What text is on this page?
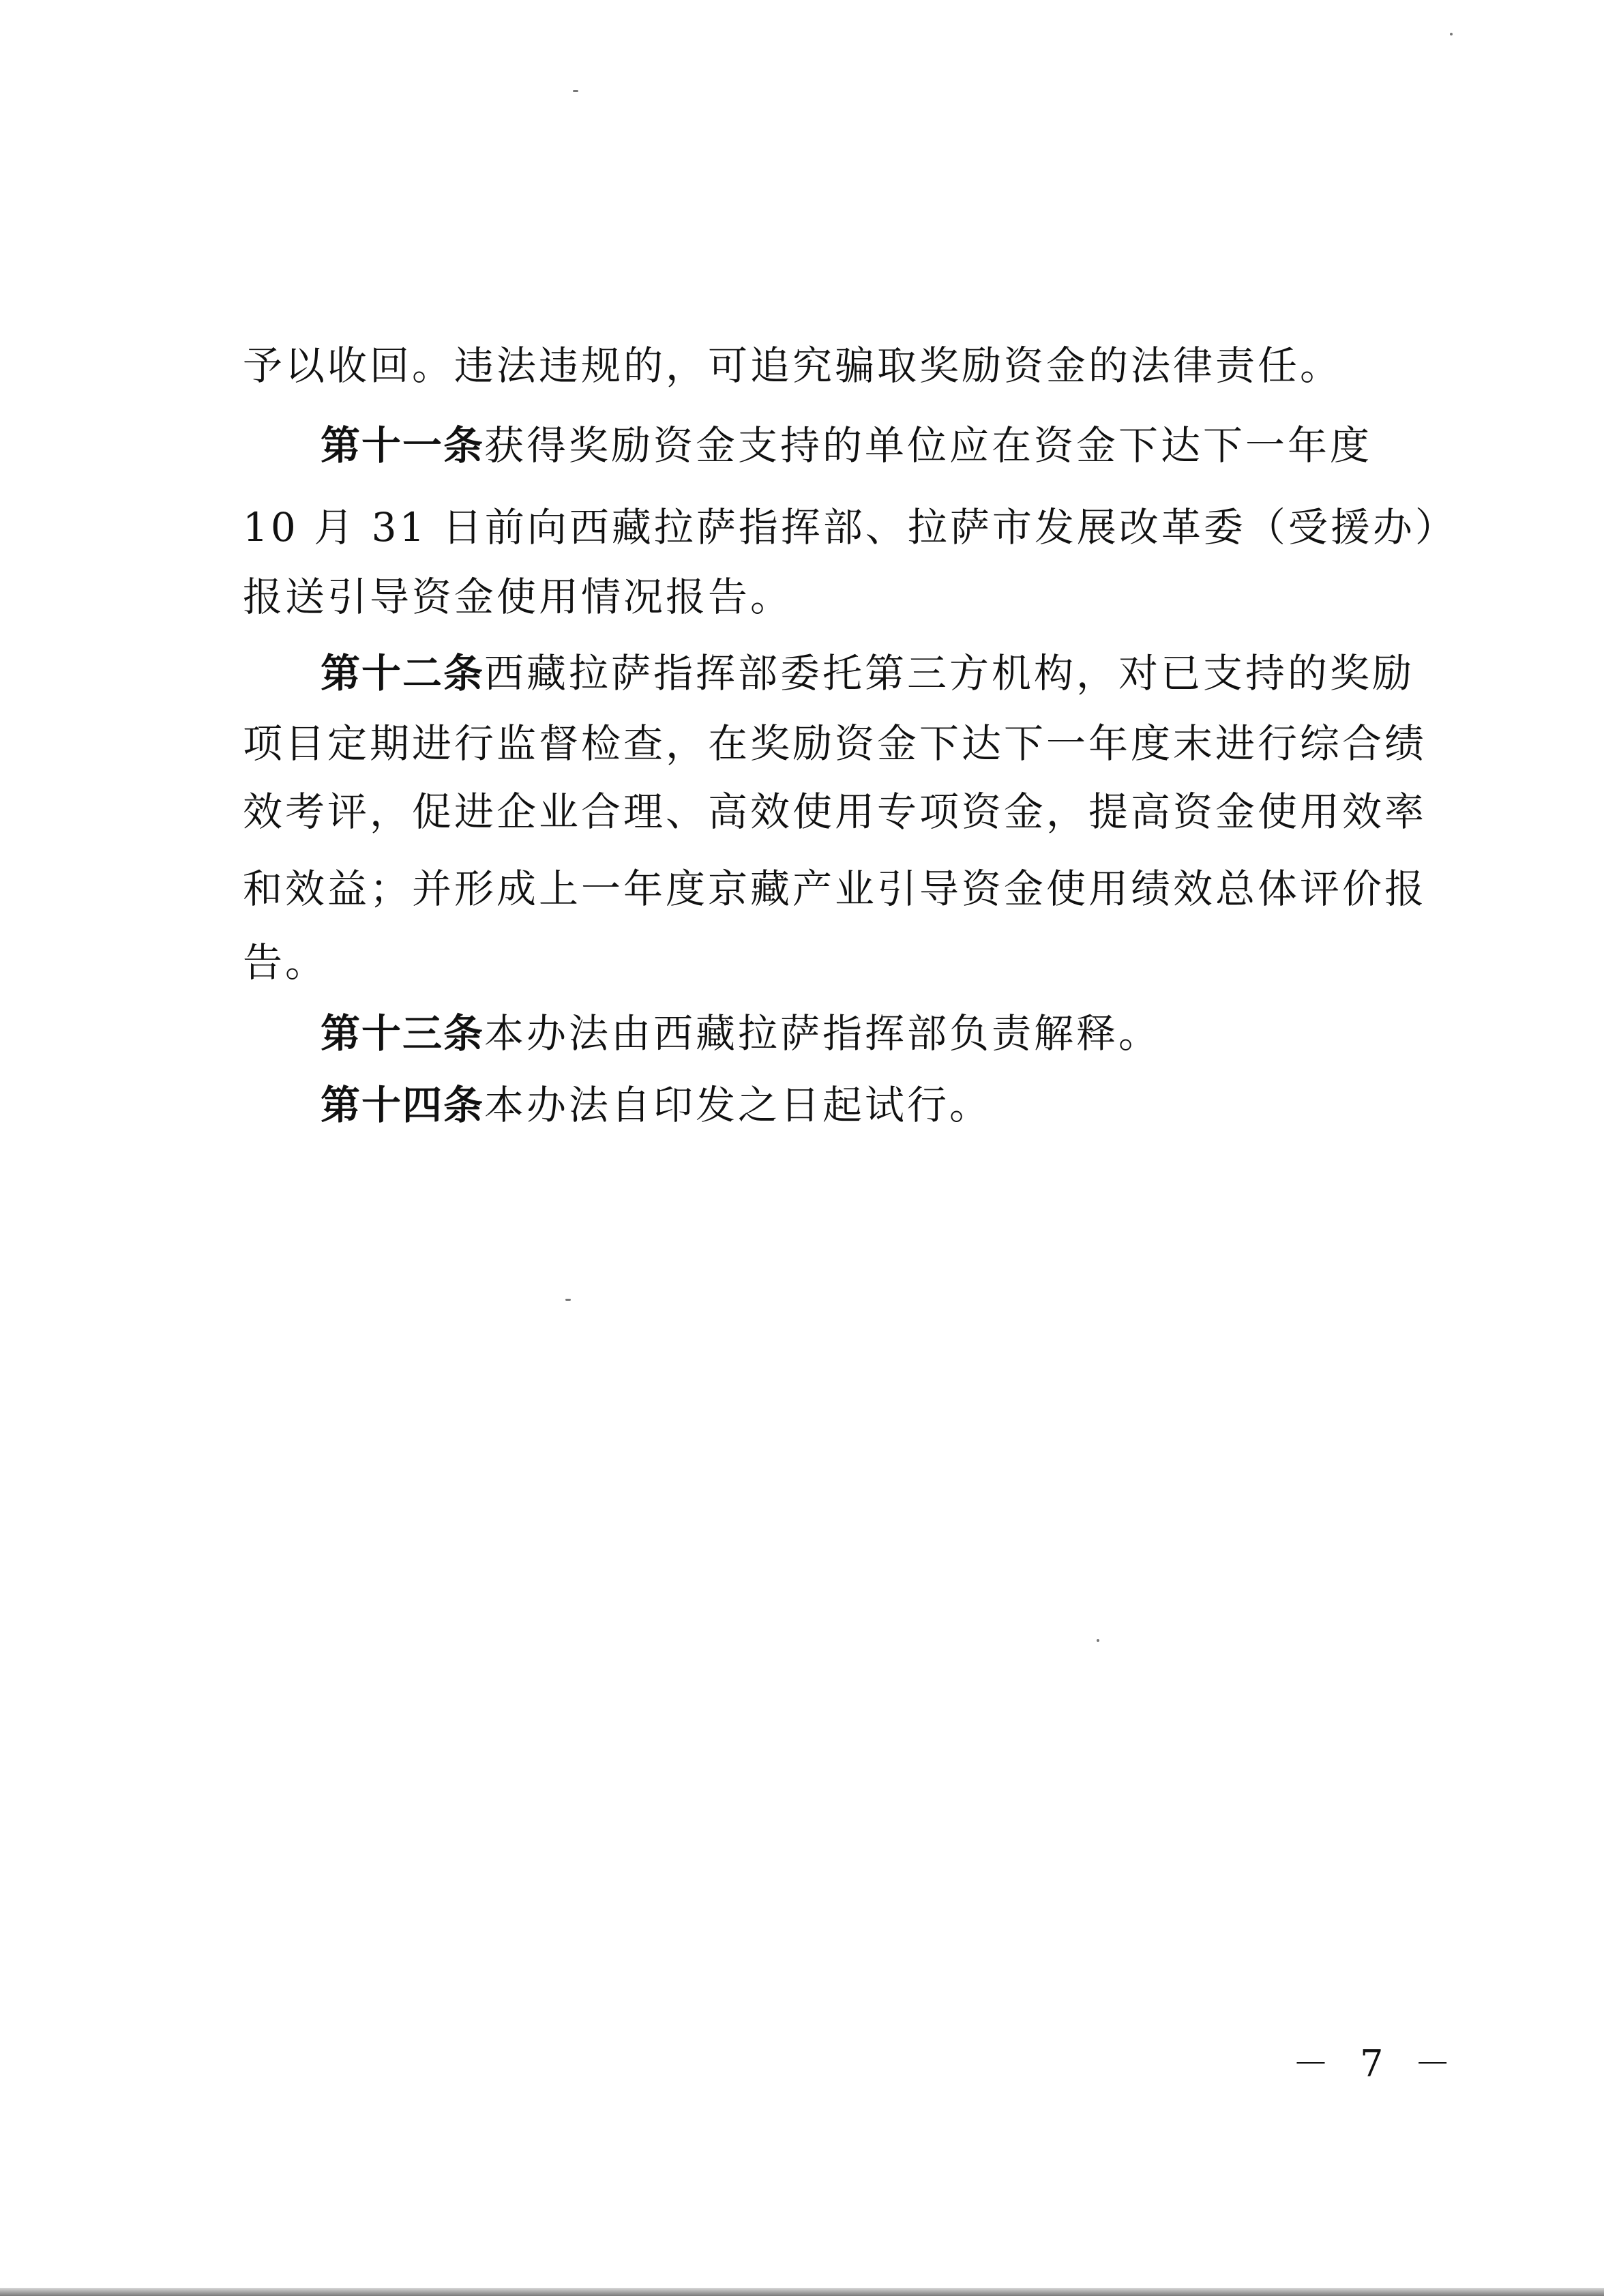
予以收回。违法违规的，可追究骗取奖励资金的法律责任。
第十一条获得奖励资金支持的单位应在资金下达下一年度
10 月 31 日前向西藏拉萨指挥部、拉萨市发展改革委（受援办）
报送引导资金使用情况报告。
第十二条西藏拉萨指挥部委托第三方机构，对已支持的奖励
项目定期进行监督检查，在奖励资金下达下一年度末进行综合绩
效考评，促进企业合理、高效使用专项资金，提高资金使用效率
和效益；并形成上一年度京藏产业引导资金使用绩效总体评价报
告。
第十三条本办法由西藏拉萨指挥部负责解释。
第十四条本办法自印发之日起试行。
－ 7 －
